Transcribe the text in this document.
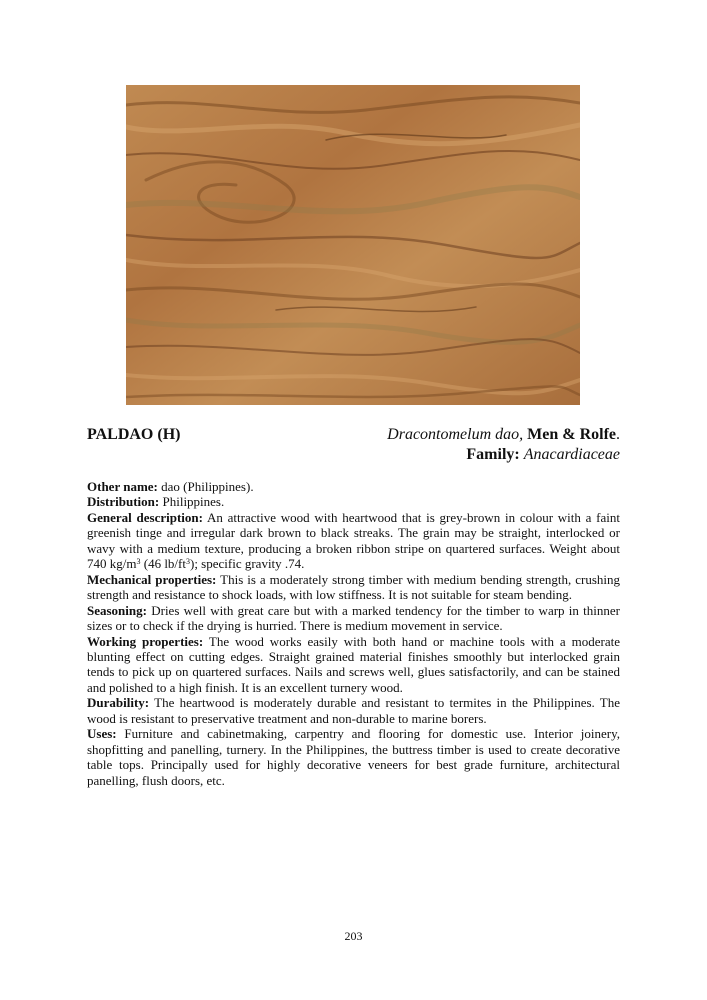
PALDAO (H)	Dracontomelum dao, Men & Rolfe.
Family: Anacardiaceae

Other name: dao (Philippines).

Distribution: Philippines.

General description: An attractive wood with heartwood that is grey-brown in colour with a faint greenish tinge and irregular dark brown to black streaks. The grain may be straight, interlocked or wavy with a medium texture, producing a broken ribbon stripe on quartered surfaces. Weight about 740 $kg/m^3$ (46 $lb/ft^3$); specific gravity .74.

Mechanical properties: This is a moderately strong timber with medium bending strength, crushing strength and resistance to shock loads, with low stiffness. It is not suitable for steam bending.

Seasoning: Dries well with great care but with a marked tendency for the timber to warp in thinner sizes or to check if the drying is hurried. There is medium movement in service.

Working properties: The wood works easily with both hand or machine tools with a moderate blunting effect on cutting edges. Straight grained material finishes smoothly but interlocked grain tends to pick up on quartered surfaces. Nails and screws well, glues satisfactorily, and can be stained and polished to a high finish. It is an excellent turnery wood.

Durability: The heartwood is moderately durable and resistant to termites in the Philippines. The wood is resistant to preservative treatment and non-durable to marine borers.

Uses: Furniture and cabinetmaking, carpentry and flooring for domestic use. Interior joinery, shopfitting and panelling, turnery. In the Philippines, the buttress timber is used to create decorative table tops. Principally used for highly decorative veneers for best grade furniture, architectural panelling, flush doors, etc.

203
